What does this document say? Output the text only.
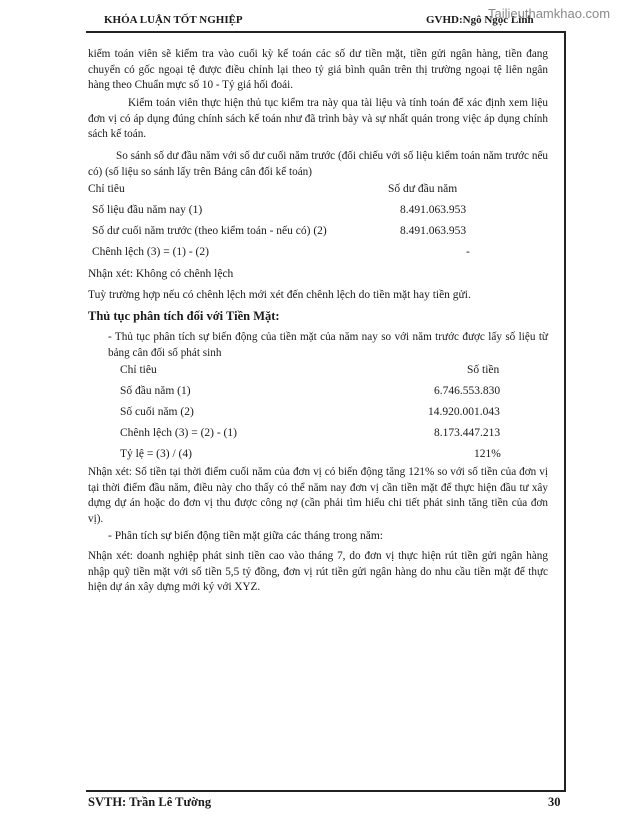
KHÓA LUẬN TỐT NGHIỆP	GVHD:Ngô Ngọc Linh
Tailieuthamkhao.com
kiểm toán viên sẽ kiểm tra vào cuối kỳ kế toán các số dư tiền mặt, tiền gửi ngân hàng, tiền đang chuyển có gốc ngoại tệ được điều chỉnh lại theo tỷ giá bình quân trên thị trường ngoại tệ liên ngân hàng theo Chuẩn mực số 10 - Tỷ giá hối đoái.
Kiểm toán viên thực hiện thủ tục kiểm tra này qua tài liệu và tính toán để xác định xem liệu đơn vị có áp dụng đúng chính sách kế toán như đã trình bày và sự nhất quán trong việc áp dụng chính sách kế toán.
So sánh số dư đầu năm với số dư cuối năm trước (đối chiếu với số liệu kiểm toán năm trước nếu có) (số liệu so sánh lấy trên Bảng cân đối kế toán)
Chỉ tiêu	Số dư đầu năm
Số liệu đầu năm nay (1)	8.491.063.953
Số dư cuối năm trước (theo kiểm toán - nếu có) (2)	8.491.063.953
Chênh lệch (3) = (1) - (2)	-
Nhận xét: Không có chênh lệch
Tuỳ trường hợp nếu có chênh lệch mới xét đến chênh lệch do tiền mặt hay tiền gửi.
Thủ tục phân tích đối với Tiền Mặt:
- Thủ tục phân tích sự biến động của tiền mặt của năm nay so với năm trước được lấy số liệu từ bảng cân đối số phát sinh
Chỉ tiêu	Số tiền
Số đầu năm (1)	6.746.553.830
Số cuối năm (2)	14.920.001.043
Chênh lệch (3) = (2) - (1)	8.173.447.213
Tỷ lệ = (3) / (4)	121%
Nhận xét: Số tiền tại thời điểm cuối năm của đơn vị có biến động tăng 121% so với số tiền của đơn vị tại thời điểm đầu năm, điều này cho thấy có thể năm nay đơn vị cần tiền mặt để thực hiện đầu tư xây dựng dự án hoặc do đơn vị thu được công nợ (cần phải tìm hiểu chi tiết phát sinh tăng tiền của đơn vị).
- Phân tích sự biến động tiền mặt giữa các tháng trong năm:
Nhận xét: doanh nghiệp phát sinh tiền cao vào tháng 7, do đơn vị thực hiện rút tiền gửi ngân hàng nhập quỹ tiền mặt với số tiền 5,5 tỷ đồng, đơn vị rút tiền gửi ngân hàng do nhu cầu tiền mặt để thực hiện dự án xây dựng mới ký với XYZ.
SVTH: Trần Lê Tường	30
